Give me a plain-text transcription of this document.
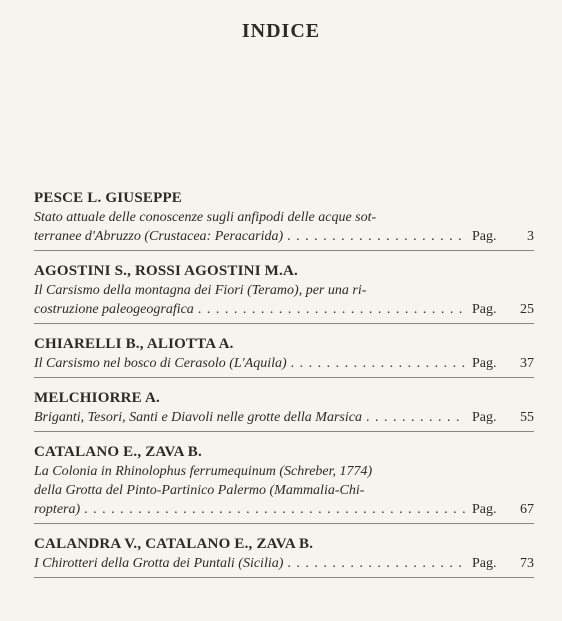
INDICE
PESCE L. GIUSEPPE
Stato attuale delle conoscenze sugli anfipodi delle acque sot-
terranee d'Abruzzo (Crustacea: Peracarida) . . .	Pag.	3
AGOSTINI S., ROSSI AGOSTINI M.A.
Il Carsismo della montagna dei Fiori (Teramo), per una ri-
costruzione paleogeografica . . .	Pag.	25
CHIARELLI B., ALIOTTA A.
Il Carsismo nel bosco di Cerasolo (L'Aquila) . . .	Pag.	37
MELCHIORRE A.
Briganti, Tesori, Santi e Diavoli nelle grotte della Marsica . . .	Pag.	55
CATALANO E., ZAVA B.
La Colonia in Rhinolophus ferrumequinum (Schreber, 1774)
della Grotta del Pinto-Partinico Palermo (Mammalia-Chi-
roptera) . . .	Pag.	67
CALANDRA V., CATALANO E., ZAVA B.
I Chirotteri della Grotta dei Puntali (Sicilia) . . .	Pag.	73
